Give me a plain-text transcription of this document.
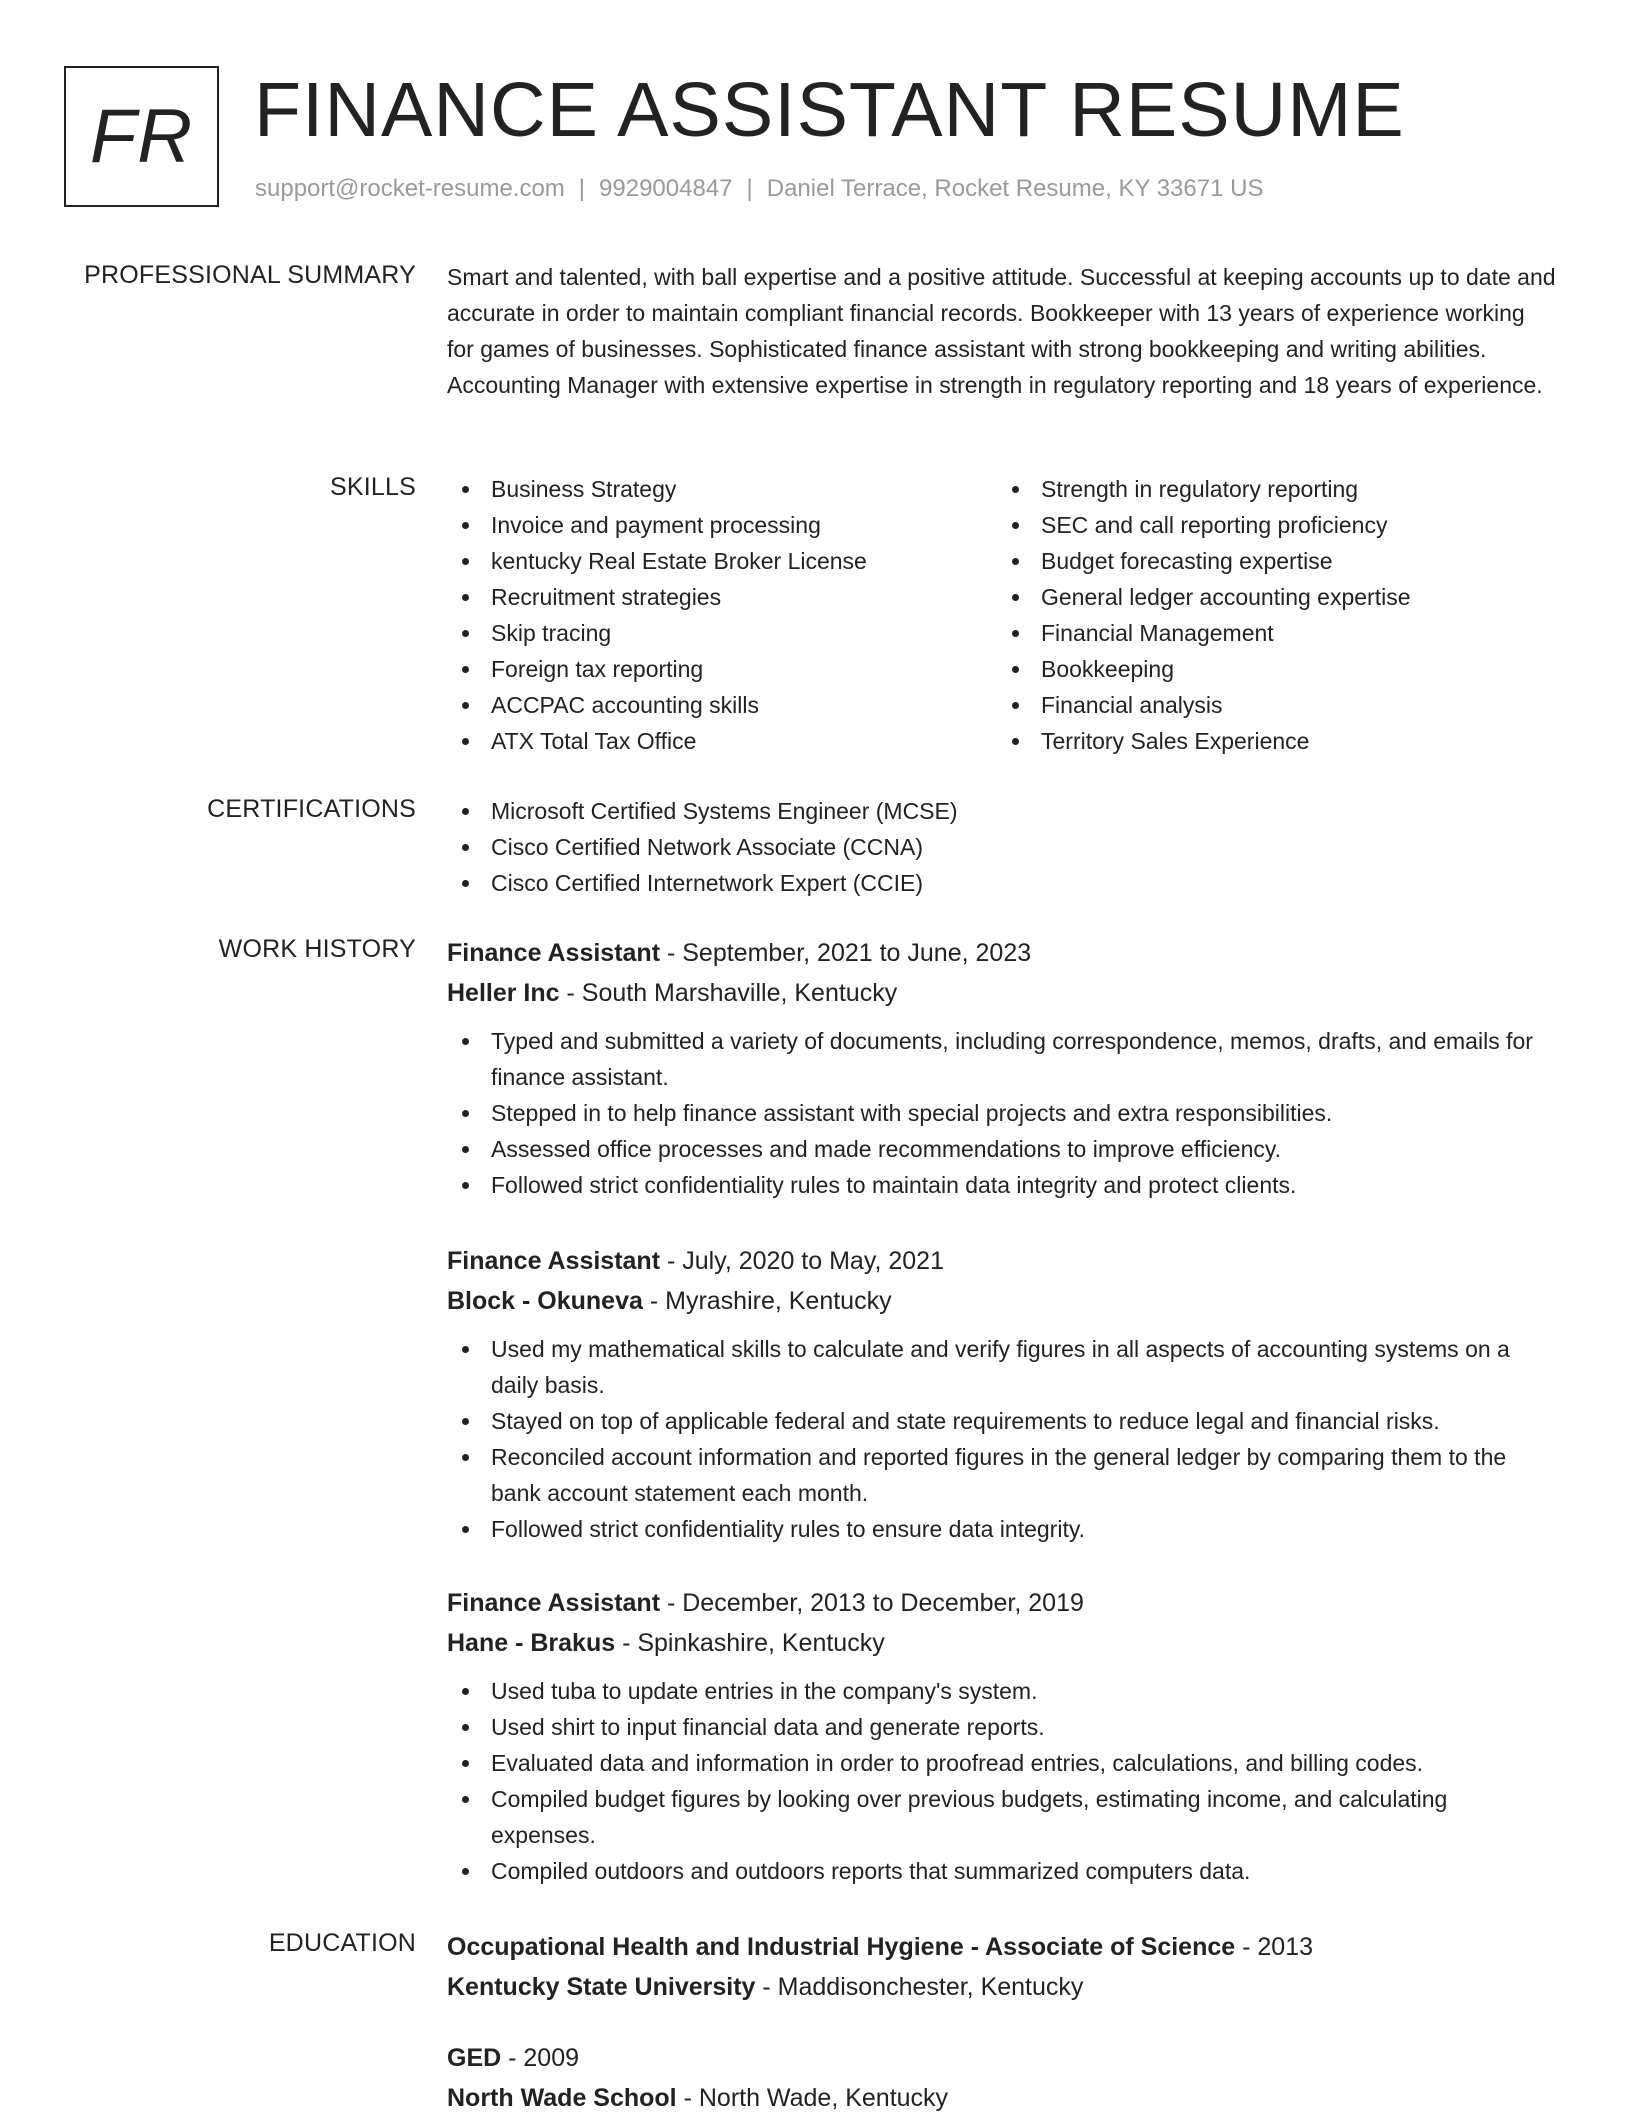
FR FINANCE ASSISTANT RESUME
support@rocket-resume.com | 9929004847 | Daniel Terrace, Rocket Resume, KY 33671 US
PROFESSIONAL SUMMARY Smart and talented, with ball expertise and a positive attitude. Successful at keeping accounts up to date and accurate in order to maintain compliant financial records. Bookkeeper with 13 years of experience working for games of businesses. Sophisticated finance assistant with strong bookkeeping and writing abilities. Accounting Manager with extensive expertise in strength in regulatory reporting and 18 years of experience.

SKILLS	Business Strategy
Invoice and payment processing
kentucky Real Estate Broker License
Recruitment strategies
Skip tracing
Foreign tax reporting
ACCPAC accounting skills
ATX Total Tax Office
Strength in regulatory reporting
SEC and call reporting proficiency
Budget forecasting expertise
General ledger accounting expertise
Financial Management
Bookkeeping
Financial analysis
Territory Sales Experience
CERTIFICATIONS	Microsoft Certified Systems Engineer (MCSE)
Cisco Certified Network Associate (CCNA)
Cisco Certified Internetwork Expert (CCIE)
WORK HISTORY Finance Assistant - September, 2021 to June, 2023
Heller Inc - South Marshaville, Kentucky
Typed and submitted a variety of documents, including correspondence, memos, drafts, and emails for finance assistant.
Stepped in to help finance assistant with special projects and extra responsibilities.
Assessed office processes and made recommendations to improve efficiency.
Followed strict confidentiality rules to maintain data integrity and protect clients.
Finance Assistant - July, 2020 to May, 2021
Block - Okuneva - Myrashire, Kentucky
Used my mathematical skills to calculate and verify figures in all aspects of accounting systems on a daily basis.
Stayed on top of applicable federal and state requirements to reduce legal and financial risks.
Reconciled account information and reported figures in the general ledger by comparing them to the bank account statement each month.
Followed strict confidentiality rules to ensure data integrity.
Finance Assistant - December, 2013 to December, 2019
Hane - Brakus - Spinkashire, Kentucky
Used tuba to update entries in the company's system.
Used shirt to input financial data and generate reports.
Evaluated data and information in order to proofread entries, calculations, and billing codes.
Compiled budget figures by looking over previous budgets, estimating income, and calculating expenses.
Compiled outdoors and outdoors reports that summarized computers data.
EDUCATION Occupational Health and Industrial Hygiene - Associate of Science - 2013
Kentucky State University - Maddisonchester, Kentucky
GED - 2009
North Wade School - North Wade, Kentucky
